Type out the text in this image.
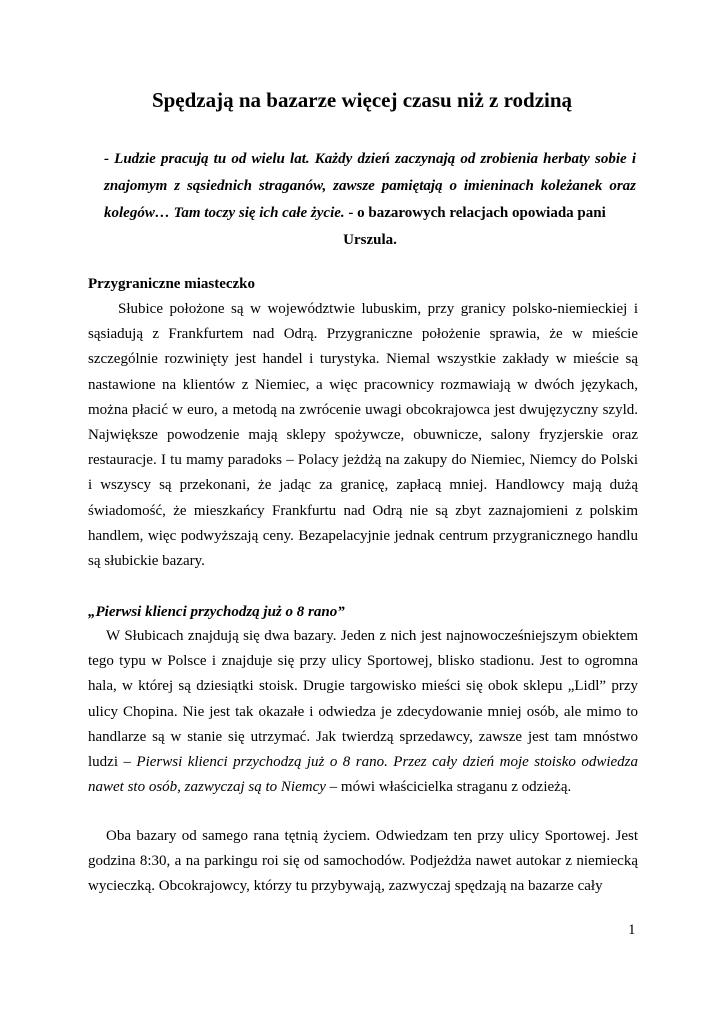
Spędzają na bazarze więcej czasu niż z rodziną

- Ludzie pracują tu od wielu lat. Każdy dzień zaczynają od zrobienia herbaty sobie i znajomym z sąsiednich straganów, zawsze pamiętają o imieninach koleżanek oraz kolegów… Tam toczy się ich całe życie. - o bazarowych relacjach opowiada pani
Urszula.

Przygraniczne miasteczko

Słubice położone są w województwie lubuskim, przy granicy polsko-niemieckiej i sąsiadują z Frankfurtem nad Odrą. Przygraniczne położenie sprawia, że w mieście szczególnie rozwinięty jest handel i turystyka. Niemal wszystkie zakłady w mieście są nastawione na klientów z Niemiec, a więc pracownicy rozmawiają w dwóch językach, można płacić w euro, a metodą na zwrócenie uwagi obcokrajowca jest dwujęzyczny szyld. Największe powodzenie mają sklepy spożywcze, obuwnicze, salony fryzjerskie oraz restauracje. I tu mamy paradoks – Polacy jeżdżą na zakupy do Niemiec, Niemcy do Polski i wszyscy są przekonani, że jadąc za granicę, zapłacą mniej. Handlowcy mają dużą świadomość, że mieszkańcy Frankfurtu nad Odrą nie są zbyt zaznajomieni z polskim handlem, więc podwyższają ceny. Bezapelacyjnie jednak centrum przygranicznego handlu są słubickie bazary.

„Pierwsi klienci przychodzą już o 8 rano”

W Słubicach znajdują się dwa bazary. Jeden z nich jest najnowocześniejszym obiektem tego typu w Polsce i znajduje się przy ulicy Sportowej, blisko stadionu. Jest to ogromna hala, w której są dziesiątki stoisk. Drugie targowisko mieści się obok sklepu „Lidl” przy ulicy Chopina. Nie jest tak okazałe i odwiedza je zdecydowanie mniej osób, ale mimo to handlarze są w stanie się utrzymać. Jak twierdzą sprzedawcy, zawsze jest tam mnóstwo ludzi – Pierwsi klienci przychodzą już o 8 rano. Przez cały dzień moje stoisko odwiedza nawet sto osób, zazwyczaj są to Niemcy – mówi właścicielka straganu z odzieżą.

Oba bazary od samego rana tętnią życiem. Odwiedzam ten przy ulicy Sportowej. Jest godzina 8:30, a na parkingu roi się od samochodów. Podjeżdża nawet autokar z niemiecką wycieczką. Obcokrajowcy, którzy tu przybywają, zazwyczaj spędzają na bazarze cały

1
